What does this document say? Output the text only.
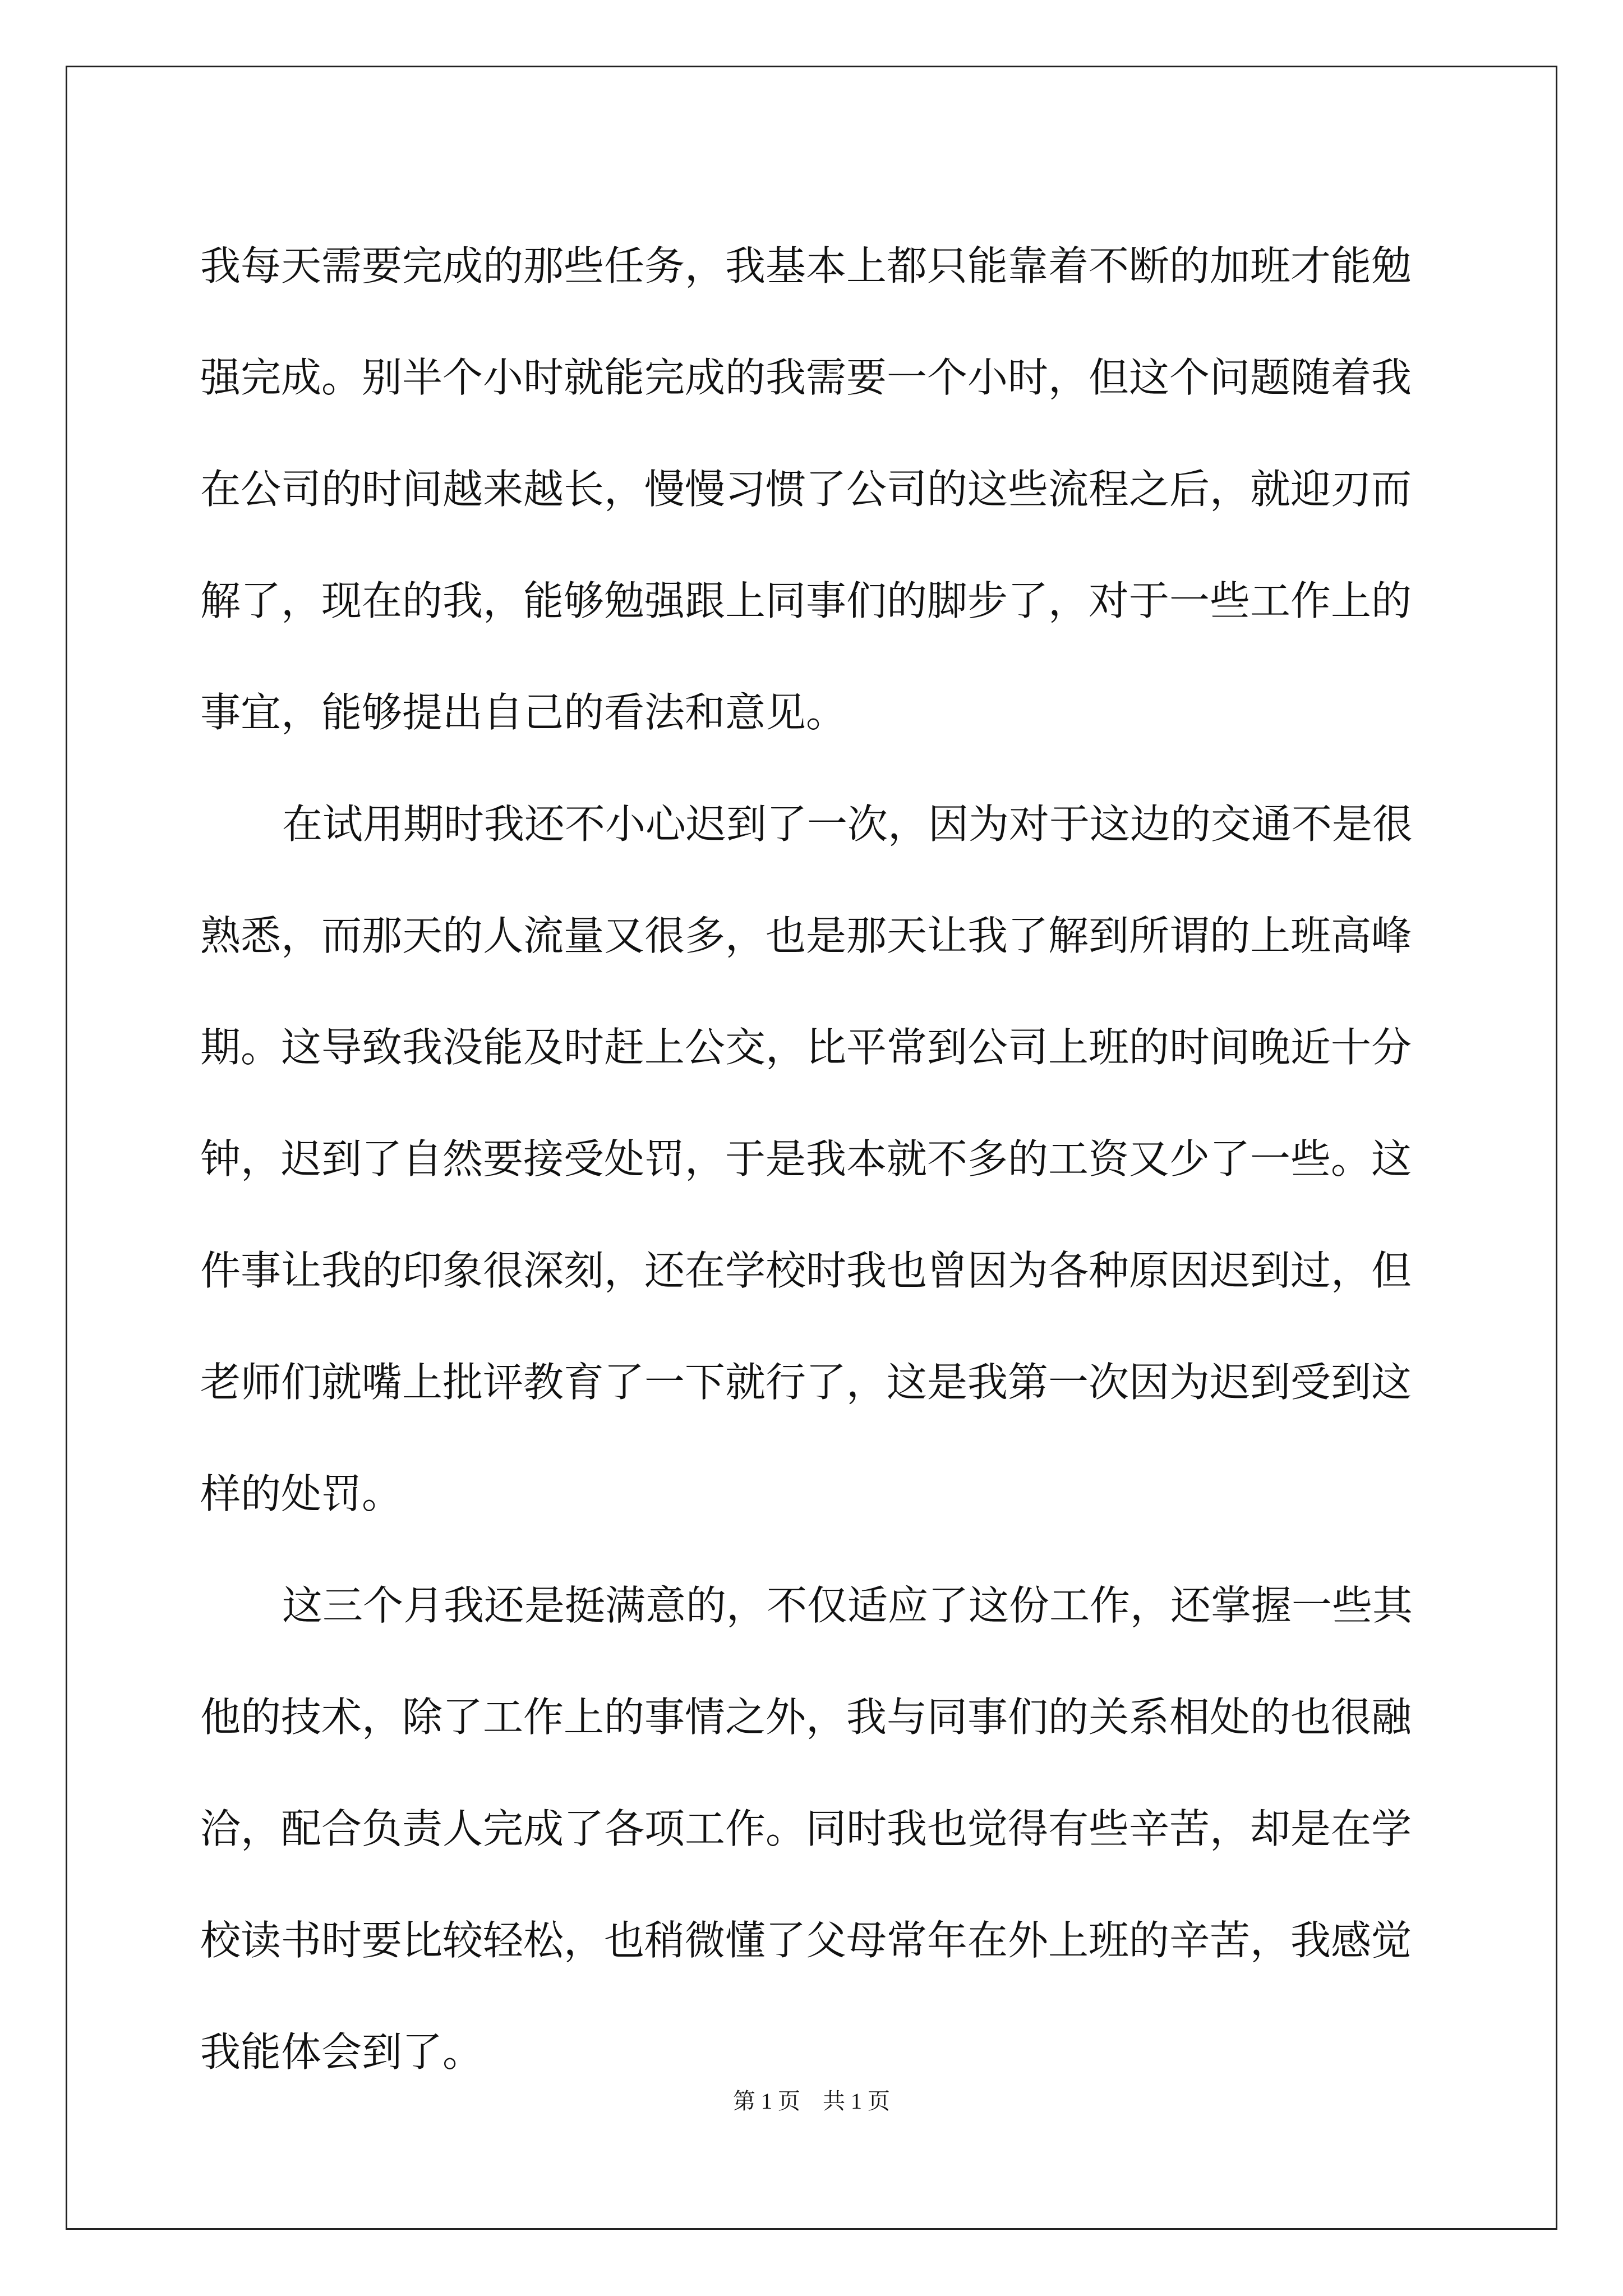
我每天需要完成的那些任务，我基本上都只能靠着不断的加班才能勉
强完成。别半个小时就能完成的我需要一个小时，但这个问题随着我
在公司的时间越来越长，慢慢习惯了公司的这些流程之后，就迎刃而
解了，现在的我，能够勉强跟上同事们的脚步了，对于一些工作上的
事宜，能够提出自己的看法和意见。
在试用期时我还不小心迟到了一次，因为对于这边的交通不是很
熟悉，而那天的人流量又很多，也是那天让我了解到所谓的上班高峰
期。这导致我没能及时赶上公交，比平常到公司上班的时间晚近十分
钟，迟到了自然要接受处罚，于是我本就不多的工资又少了一些。这
件事让我的印象很深刻，还在学校时我也曾因为各种原因迟到过，但
老师们就嘴上批评教育了一下就行了，这是我第一次因为迟到受到这
样的处罚。
这三个月我还是挺满意的，不仅适应了这份工作，还掌握一些其
他的技术，除了工作上的事情之外，我与同事们的关系相处的也很融
洽，配合负责人完成了各项工作。同时我也觉得有些辛苦，却是在学
校读书时要比较轻松，也稍微懂了父母常年在外上班的辛苦，我感觉
我能体会到了。
第 1 页　共 1 页
